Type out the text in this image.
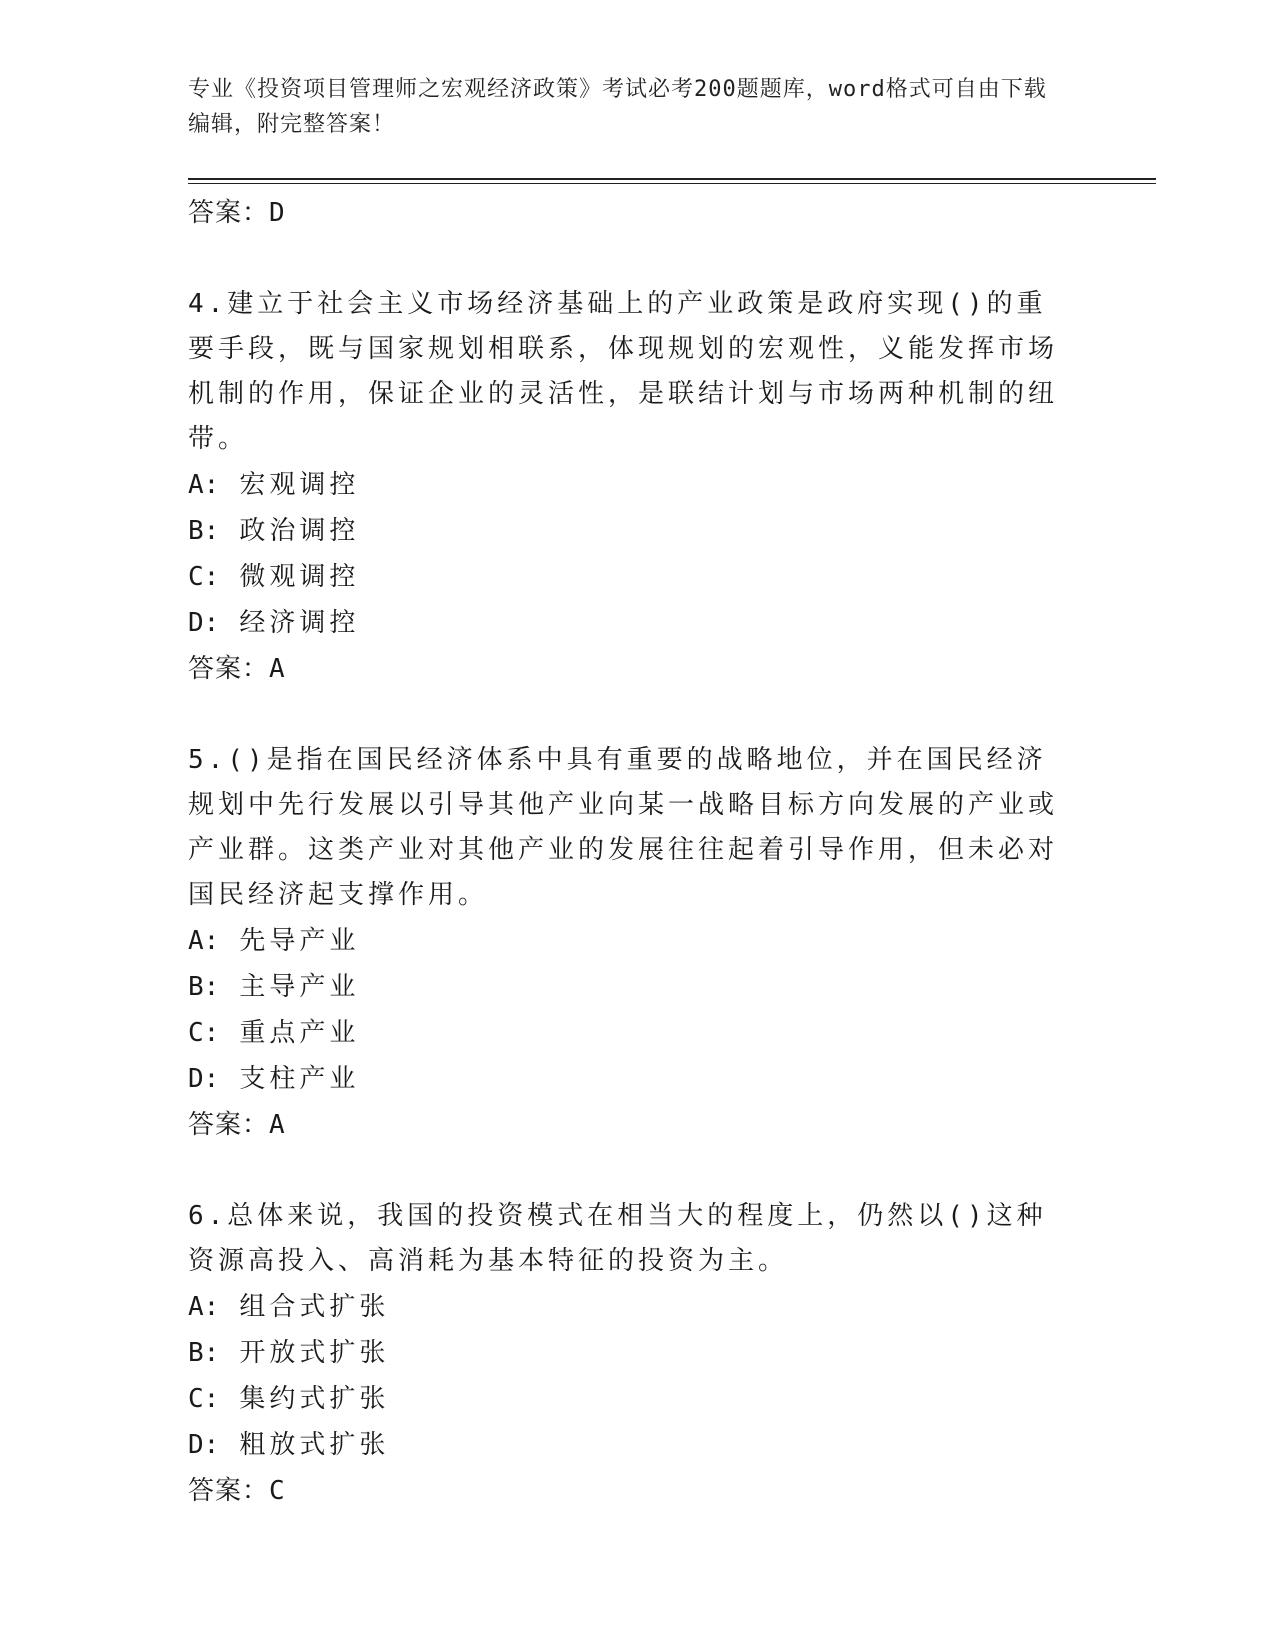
专业《投资项目管理师之宏观经济政策》考试必考200题题库，word格式可自由下载编辑，附完整答案！

答案：D

4.建立于社会主义市场经济基础上的产业政策是政府实现()的重要手段，既与国家规划相联系，体现规划的宏观性，义能发挥市场机制的作用，保证企业的灵活性，是联结计划与市场两种机制的纽带。

A: 宏观调控

B: 政治调控

C: 微观调控

D: 经济调控

答案：A

5.()是指在国民经济体系中具有重要的战略地位，并在国民经济规划中先行发展以引导其他产业向某一战略目标方向发展的产业或产业群。这类产业对其他产业的发展往往起着引导作用，但未必对国民经济起支撑作用。

A: 先导产业

B: 主导产业

C: 重点产业

D: 支柱产业

答案：A

6.总体来说，我国的投资模式在相当大的程度上，仍然以()这种资源高投入、高消耗为基本特征的投资为主。

A: 组合式扩张

B: 开放式扩张

C: 集约式扩张

D: 粗放式扩张

答案：C
